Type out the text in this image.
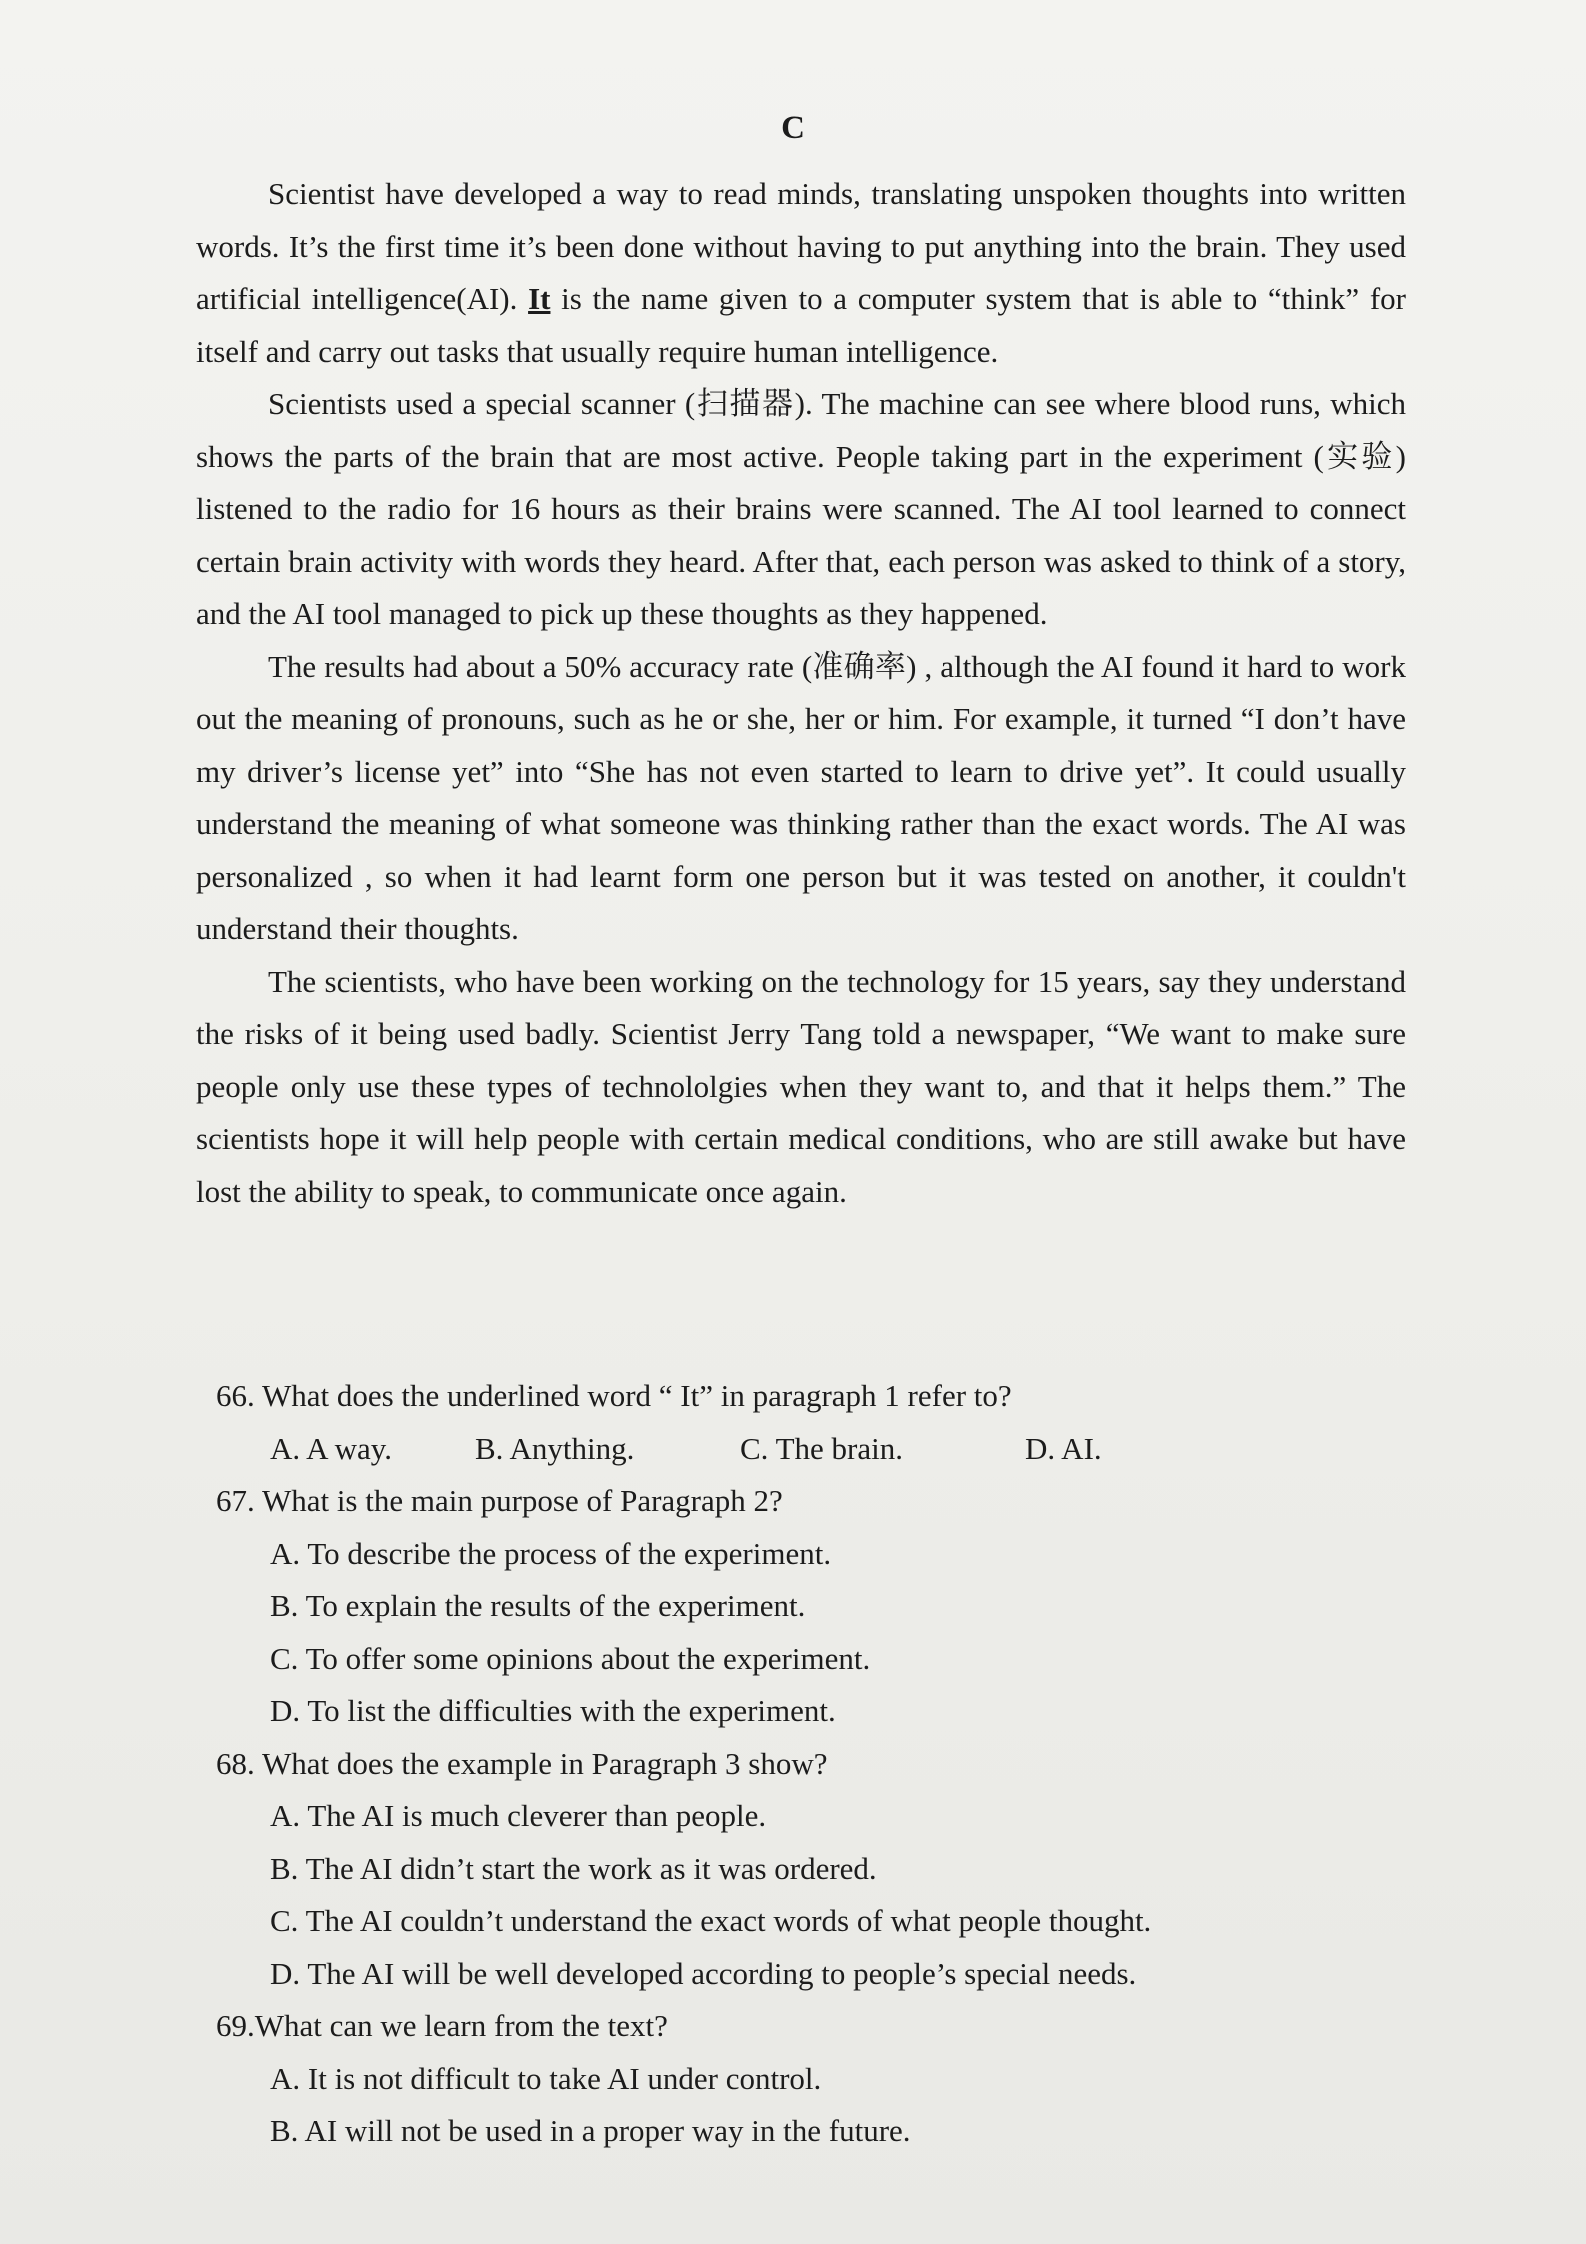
C

Scientist have developed a way to read minds, translating unspoken thoughts into written words. It’s the first time it’s been done without having to put anything into the brain. They used artificial intelligence(AI). It is the name given to a computer system that is able to “think” for itself and carry out tasks that usually require human intelligence.

Scientists used a special scanner (扫描器). The machine can see where blood runs, which shows the parts of the brain that are most active. People taking part in the experiment (实验) listened to the radio for 16 hours as their brains were scanned. The AI tool learned to connect certain brain activity with words they heard. After that, each person was asked to think of a story, and the AI tool managed to pick up these thoughts as they happened.

The results had about a 50% accuracy rate (准确率) , although the AI found it hard to work out the meaning of pronouns, such as he or she, her or him. For example, it turned “I don’t have my driver’s license yet” into “She has not even started to learn to drive yet”. It could usually understand the meaning of what someone was thinking rather than the exact words. The AI was personalized , so when it had learnt form one person but it was tested on another, it couldn't understand their thoughts.

The scientists, who have been working on the technology for 15 years, say they understand the risks of it being used badly. Scientist Jerry Tang told a newspaper, “We want to make sure people only use these types of technololgies when they want to, and that it helps them.” The scientists hope it will help people with certain medical conditions, who are still awake but have lost the ability to speak, to communicate once again.

66. What does the underlined word “ It” in paragraph 1 refer to?

A. A way.	B. Anything.	C. The brain.	D. AI.

67. What is the main purpose of Paragraph 2?

A. To describe the process of the experiment.

B. To explain the results of the experiment.

C. To offer some opinions about the experiment.

D. To list the difficulties with the experiment.

68. What does the example in Paragraph 3 show?

A. The AI is much cleverer than people.

B. The AI didn’t start the work as it was ordered.

C. The AI couldn’t understand the exact words of what people thought.

D. The AI will be well developed according to people’s special needs.

69.What can we learn from the text?

A. It is not difficult to take AI under control.

B. AI will not be used in a proper way in the future.
